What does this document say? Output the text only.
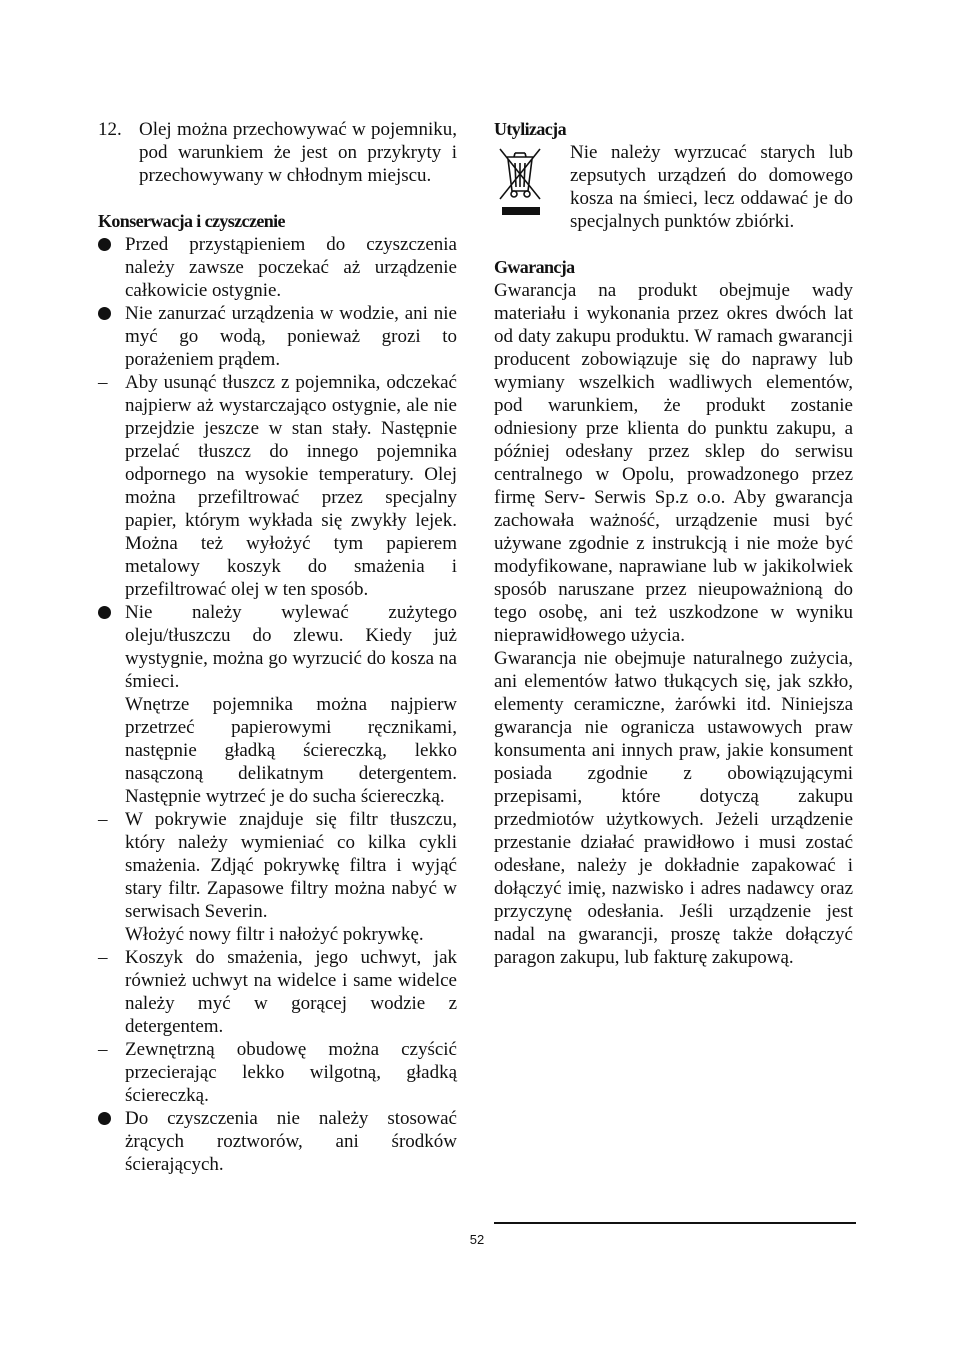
12. Olej można przechowywać w pojemniku, pod warunkiem że jest on przykryty i przechowywany w chłodnym miejscu.
Konserwacja i czyszczenie
Przed przystąpieniem do czyszczenia należy zawsze poczekać aż urządzenie całkowicie ostygnie.
Nie zanurzać urządzenia w wodzie, ani nie myć go wodą, ponieważ grozi to porażeniem prądem.
– Aby usunąć tłuszcz z pojemnika, odczekać najpierw aż wystarczająco ostygnie, ale nie przejdzie jeszcze w stan stały. Następnie przelać tłuszcz do innego pojemnika odpornego na wysokie temperatury. Olej można przefiltrować przez specjalny papier, którym wykłada się zwykły lejek. Można też wyłożyć tym papierem metalowy koszyk do smażenia i przefiltrować olej w ten sposób.
Nie należy wylewać zużytego oleju/tłuszczu do zlewu. Kiedy już wystygnie, można go wyrzucić do kosza na śmieci.

Wnętrze pojemnika można najpierw przetrzeć papierowymi ręcznikami, następnie gładką ściereczką, lekko nasączoną delikatnym detergentem. Następnie wytrzeć je do sucha ściereczką.

– W pokrywie znajduje się filtr tłuszczu, który należy wymieniać co kilka cykli smażenia. Zdjąć pokrywkę filtra i wyjąć stary filtr. Zapasowe filtry można nabyć w serwisach Severin.

Włożyć nowy filtr i nałożyć pokrywkę.

– Koszyk do smażenia, jego uchwyt, jak również uchwyt na widelce i same widelce należy myć w gorącej wodzie z detergentem.
– Zewnętrzną obudowę można czyścić przecierając lekko wilgotną, gładką ściereczką.
Do czyszczenia nie należy stosować żrących roztworów, ani środków ścierających.
Utylizacja

Nie należy wyrzucać starych lub zepsutych urządzeń do domowego kosza na śmieci, lecz oddawać je do specjalnych punktów zbiórki.

Gwarancja

Gwarancja na produkt obejmuje wady materiału i wykonania przez okres dwóch lat od daty zakupu produktu. W ramach gwarancji producent zobowiązuje się do naprawy lub wymiany wszelkich wadliwych elementów, pod warunkiem, że produkt zostanie odniesiony prze klienta do punktu zakupu, a później odesłany przez sklep do serwisu centralnego w Opolu, prowadzonego przez firmę Serv- Serwis Sp.z o.o. Aby gwarancja zachowała ważność, urządzenie musi być używane zgodnie z instrukcją i nie może być modyfikowane, naprawiane lub w jakikolwiek sposób naruszane przez nieupoważnioną do tego osobę, ani też uszkodzone w wyniku nieprawidłowego użycia.

Gwarancja nie obejmuje naturalnego zużycia, ani elementów łatwo tłukących się, jak szkło, elementy ceramiczne, żarówki itd. Niniejsza gwarancja nie ogranicza ustawowych praw konsumenta ani innych praw, jakie konsument posiada zgodnie z obowiązującymi przepisami, które dotyczą zakupu przedmiotów użytkowych. Jeżeli urządzenie przestanie działać prawidłowo i musi zostać odesłane, należy je dokładnie zapakować i dołączyć imię, nazwisko i adres nadawcy oraz przyczynę odesłania. Jeśli urządzenie jest nadal na gwarancji, proszę także dołączyć paragon zakupu, lub fakturę zakupową.

52
